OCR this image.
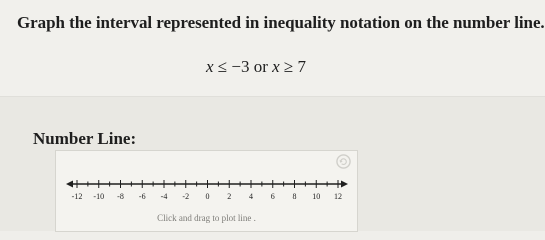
Graph the interval represented in inequality notation on the number line.
x ≤ −3 or x ≥ 7
Number Line:
-12 -10 -8 -6 -4 -2 0 2 4 6 8 10 12
Click and drag to plot line .
